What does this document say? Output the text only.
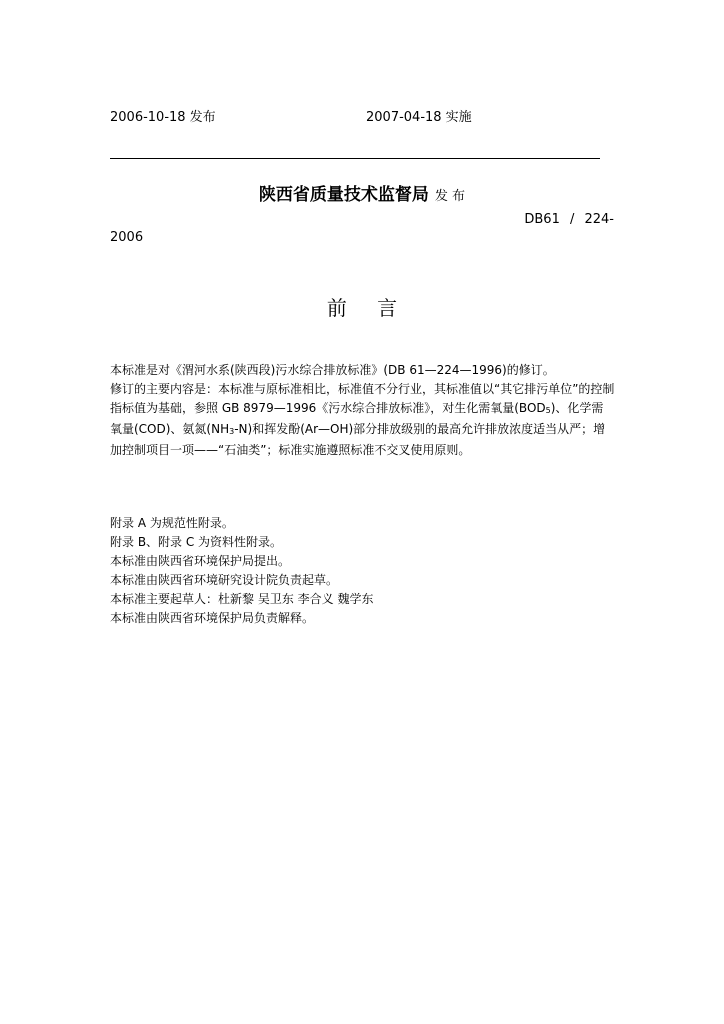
2006-10-18 发布	2007-04-18 实施
陕西省质量技术监督局 发 布
DB61 / 224-
2006
前 言
本标准是对《渭河水系(陕西段)污水综合排放标准》(DB 61—224—1996)的修订。
修订的主要内容是：本标准与原标准相比，标准值不分行业，其标准值以“其它排污单位”的控制指标值为基础，参照 GB 8979—1996《污水综合排放标准》，对生化需氧量$(BOD_5)$、化学需氧量(COD)、氨氮$(NH_3-N)$和挥发酚(Ar—OH)部分排放级别的最高允许排放浓度适当从严；增加控制项目一项——“石油类”；标准实施遵照标准不交叉使用原则。
附录 A 为规范性附录。
附录 B、附录 C 为资料性附录。
本标准由陕西省环境保护局提出。
本标准由陕西省环境研究设计院负责起草。
本标准主要起草人：杜新黎 吴卫东 李合义 魏学东
本标准由陕西省环境保护局负责解释。
